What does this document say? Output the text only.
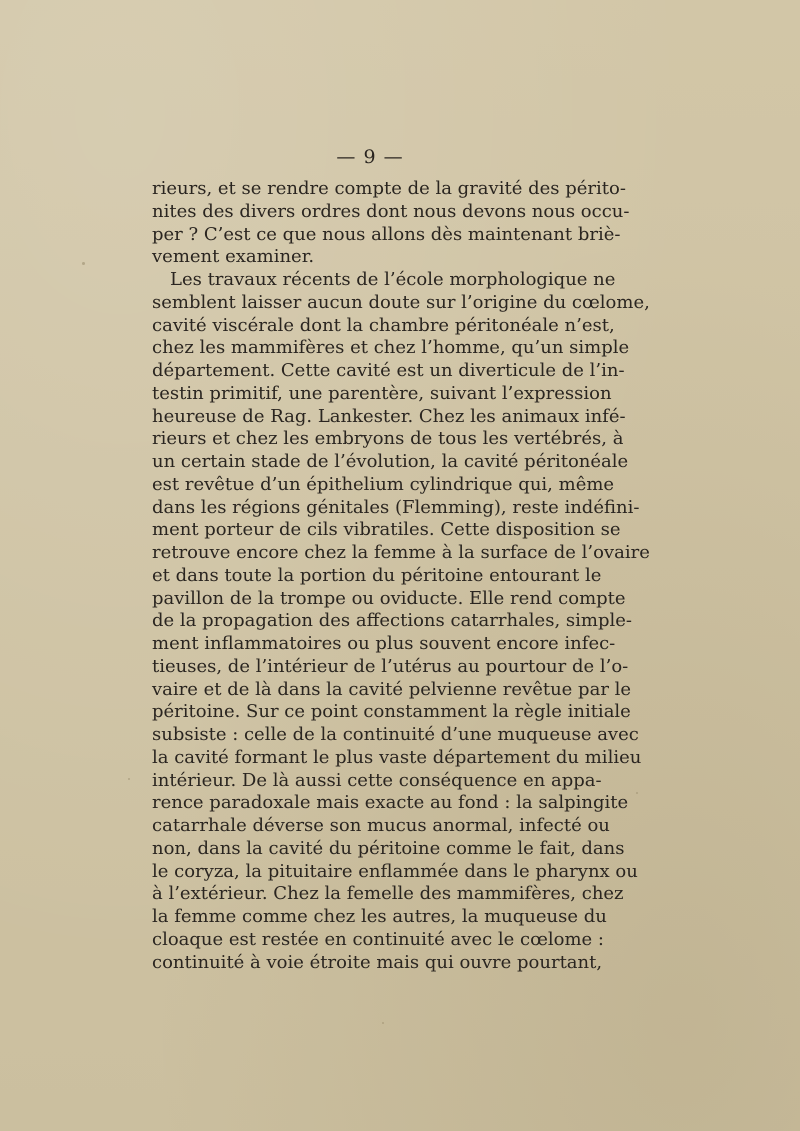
— 9 —
rieurs, et se rendre compte de la gravité des périto-
nites des divers ordres dont nous devons nous occu-
per ? C’est ce que nous allons dès maintenant briè-
vement examiner.
Les travaux récents de l’école morphologique ne
semblent laisser aucun doute sur l’origine du cœlome,
cavité viscérale dont la chambre péritonéale n’est,
chez les mammifères et chez l’homme, qu’un simple
département. Cette cavité est un diverticule de l’in-
testin primitif, une parentère, suivant l’expression
heureuse de Rag. Lankester. Chez les animaux infé-
rieurs et chez les embryons de tous les vertébrés, à
un certain stade de l’évolution, la cavité péritonéale
est revêtue d’un épithelium cylindrique qui, même
dans les régions génitales (Flemming), reste indéfini-
ment porteur de cils vibratiles. Cette disposition se
retrouve encore chez la femme à la surface de l’ovaire
et dans toute la portion du péritoine entourant le
pavillon de la trompe ou oviducte. Elle rend compte
de la propagation des affections catarrhales, simple-
ment inflammatoires ou plus souvent encore infec-
tieuses, de l’intérieur de l’utérus au pourtour de l’o-
vaire et de là dans la cavité pelvienne revêtue par le
péritoine. Sur ce point constamment la règle initiale
subsiste : celle de la continuité d’une muqueuse avec
la cavité formant le plus vaste département du milieu
intérieur. De là aussi cette conséquence en appa-
rence paradoxale mais exacte au fond : la salpingite
catarrhale déverse son mucus anormal, infecté ou
non, dans la cavité du péritoine comme le fait, dans
le coryza, la pituitaire enflammée dans le pharynx ou
à l’extérieur. Chez la femelle des mammifères, chez
la femme comme chez les autres, la muqueuse du
cloaque est restée en continuité avec le cœlome :
continuité à voie étroite mais qui ouvre pourtant,
